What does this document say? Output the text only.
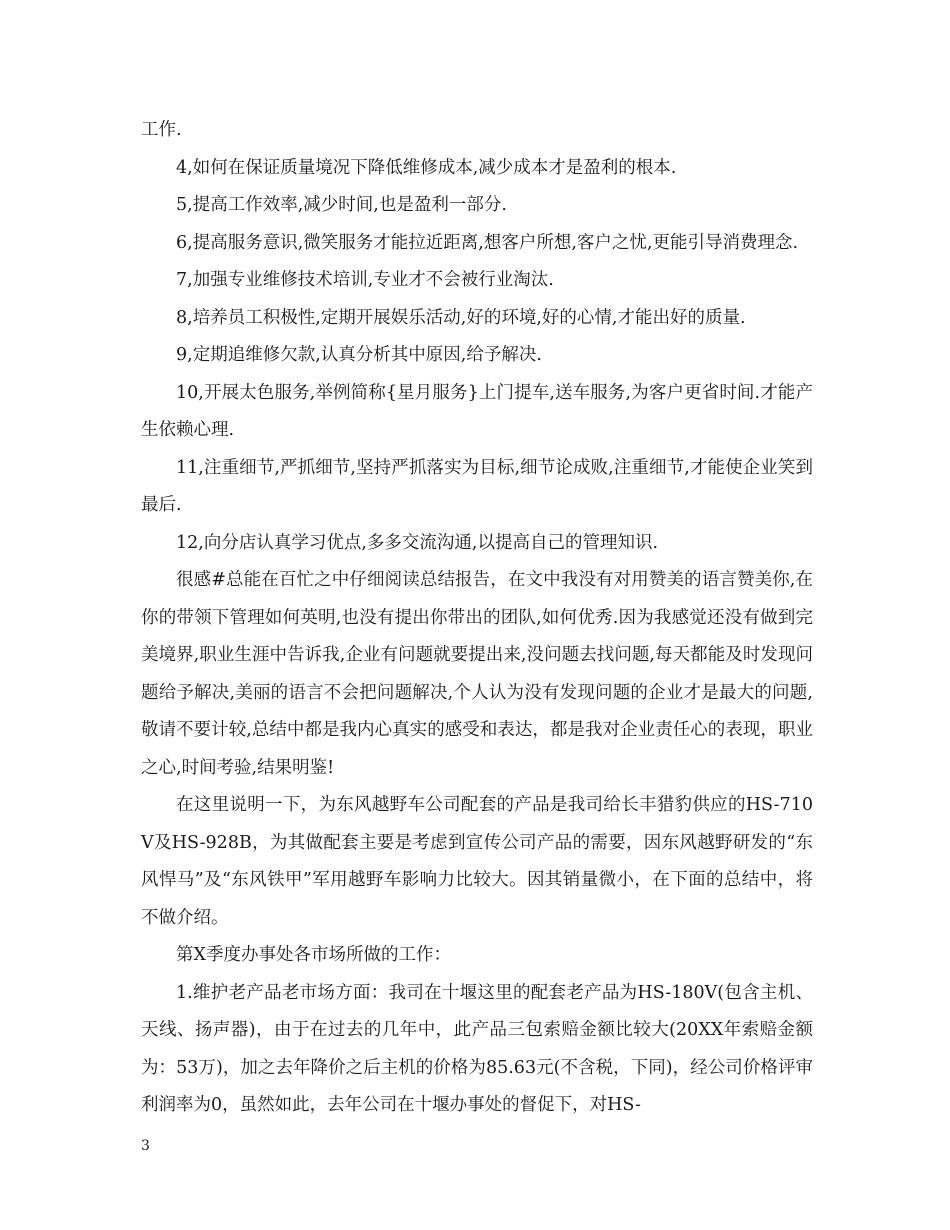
工作.

4,如何在保证质量境况下降低维修成本,减少成本才是盈利的根本.

5,提高工作效率,减少时间,也是盈利一部分.

6,提高服务意识,微笑服务才能拉近距离,想客户所想,客户之忧,更能引导消费理念.

7,加强专业维修技术培训,专业才不会被行业淘汰.

8,培养员工积极性,定期开展娱乐活动,好的环境,好的心情,才能出好的质量.

9,定期追维修欠款,认真分析其中原因,给予解决.

10,开展太色服务,举例简称{星月服务}上门提车,送车服务,为客户更省时间.才能产生依赖心理.

11,注重细节,严抓细节,坚持严抓落实为目标,细节论成败,注重细节,才能使企业笑到最后.

12,向分店认真学习优点,多多交流沟通,以提高自己的管理知识.

很感#总能在百忙之中仔细阅读总结报告，在文中我没有对用赞美的语言赞美你,在你的带领下管理如何英明,也没有提出你带出的团队,如何优秀.因为我感觉还没有做到完美境界,职业生涯中告诉我,企业有问题就要提出来,没问题去找问题,每天都能及时发现问题给予解决,美丽的语言不会把问题解决,个人认为没有发现问题的企业才是最大的问题,敬请不要计较,总结中都是我内心真实的感受和表达，都是我对企业责任心的表现，职业之心,时间考验,结果明鉴!

在这里说明一下，为东风越野车公司配套的产品是我司给长丰猎豹供应的HS-710V及HS-928B，为其做配套主要是考虑到宣传公司产品的需要，因东风越野研发的“东风悍马”及“东风铁甲”军用越野车影响力比较大。因其销量微小，在下面的总结中，将不做介绍。

第X季度办事处各市场所做的工作：

1.维护老产品老市场方面：我司在十堰这里的配套老产品为HS-180V(包含主机、天线、扬声器)，由于在过去的几年中，此产品三包索赔金额比较大(20XX年索赔金额为：53万)，加之去年降价之后主机的价格为85.63元(不含税，下同)，经公司价格评审利润率为0，虽然如此，去年公司在十堰办事处的督促下，对HS-

3
